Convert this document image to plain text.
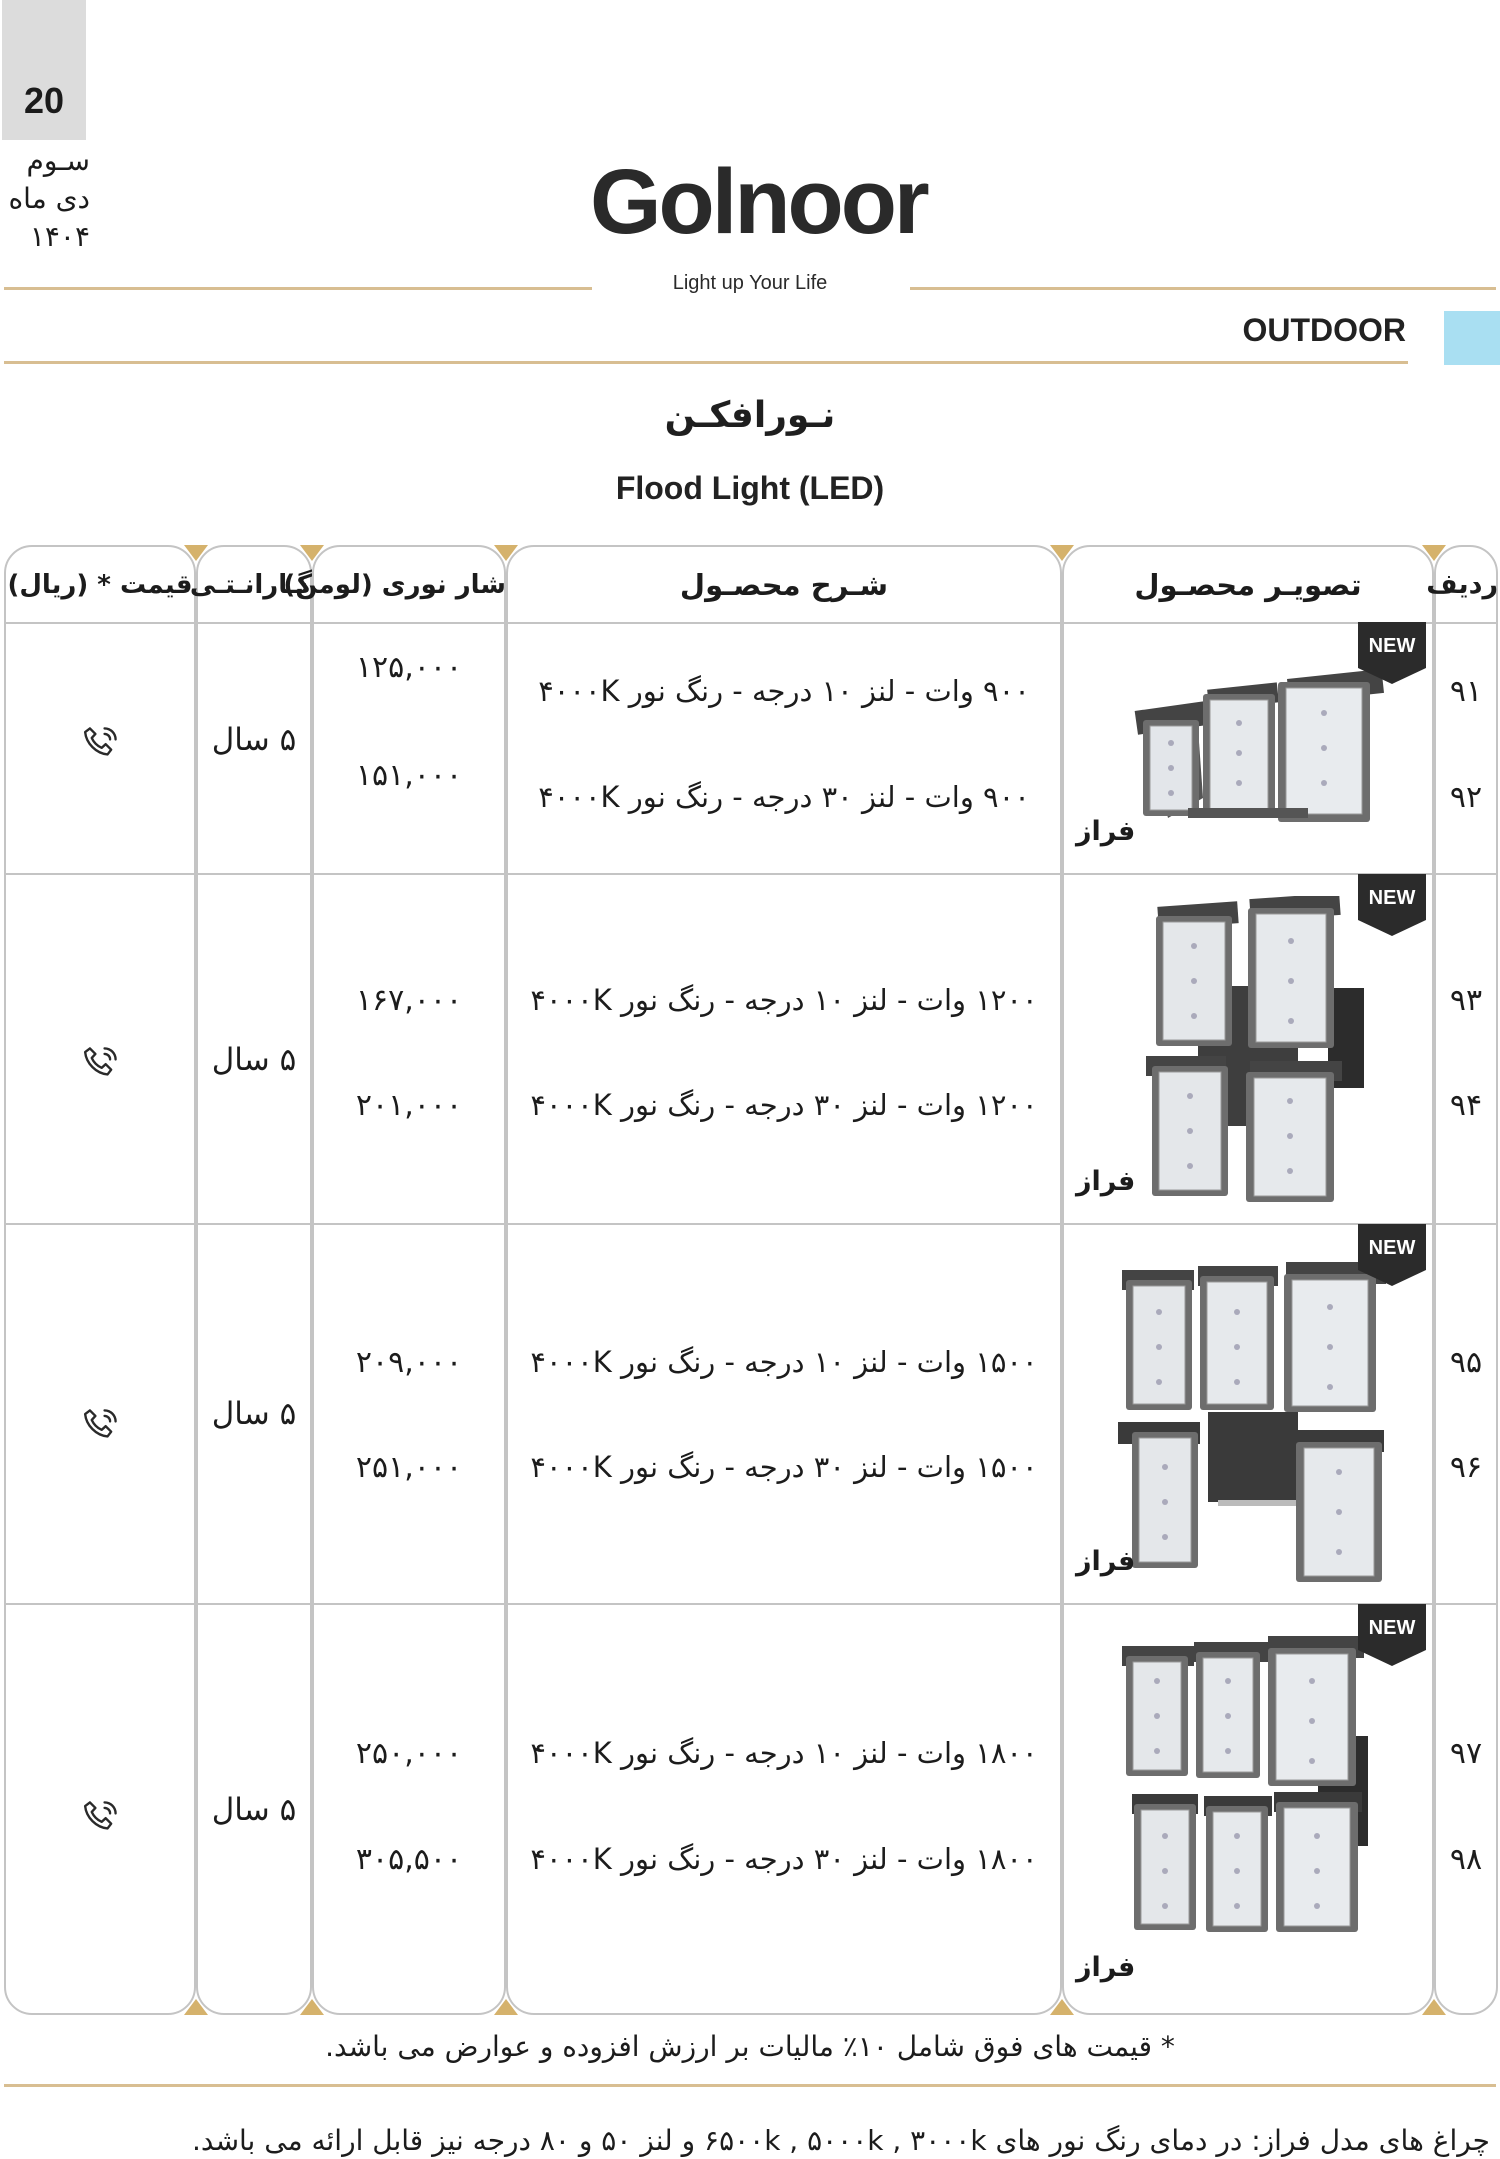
20
سـوم
دی ماه
۱۴۰۴	Golnoor
Light up Your Life
OUTDOOR
نـورافکـن
Flood Light (LED)
ردیف
تصویـر محصـول
شـرح محصـول
شار نوری (لومن)
گـارانـتـی
قیمت * (ریال)
۹۱
۹۰۰ وات - لنز ۱۰ درجه - رنگ نور ۴۰۰۰K
۱۲۵,۰۰۰
۹۲
۹۰۰ وات - لنز ۳۰ درجه - رنگ نور ۴۰۰۰K
۱۵۱,۰۰۰
۵ سال
NEW
فراز
۹۳
۱۲۰۰ وات - لنز ۱۰ درجه - رنگ نور ۴۰۰۰K
۱۶۷,۰۰۰
۹۴
۱۲۰۰ وات - لنز ۳۰ درجه - رنگ نور ۴۰۰۰K
۲۰۱,۰۰۰
۵ سال
NEW
فراز
۹۵
۱۵۰۰ وات - لنز ۱۰ درجه - رنگ نور ۴۰۰۰K
۲۰۹,۰۰۰
۹۶
۱۵۰۰ وات - لنز ۳۰ درجه - رنگ نور ۴۰۰۰K
۲۵۱,۰۰۰
۵ سال
NEW
فراز
۹۷
۱۸۰۰ وات - لنز ۱۰ درجه - رنگ نور ۴۰۰۰K
۲۵۰,۰۰۰
۹۸
۱۸۰۰ وات - لنز ۳۰ درجه - رنگ نور ۴۰۰۰K
۳۰۵,۵۰۰
۵ سال
NEW
فراز
* قیمت های فوق شامل ۱۰٪ مالیات بر ارزش افزوده و عوارض می باشد.
چراغ های مدل فراز: در دمای رنگ نور های ۶۵۰۰k , ۵۰۰۰k , ۳۰۰۰k و لنز ۵۰ و ۸۰ درجه نیز قابل ارائه می باشد.
